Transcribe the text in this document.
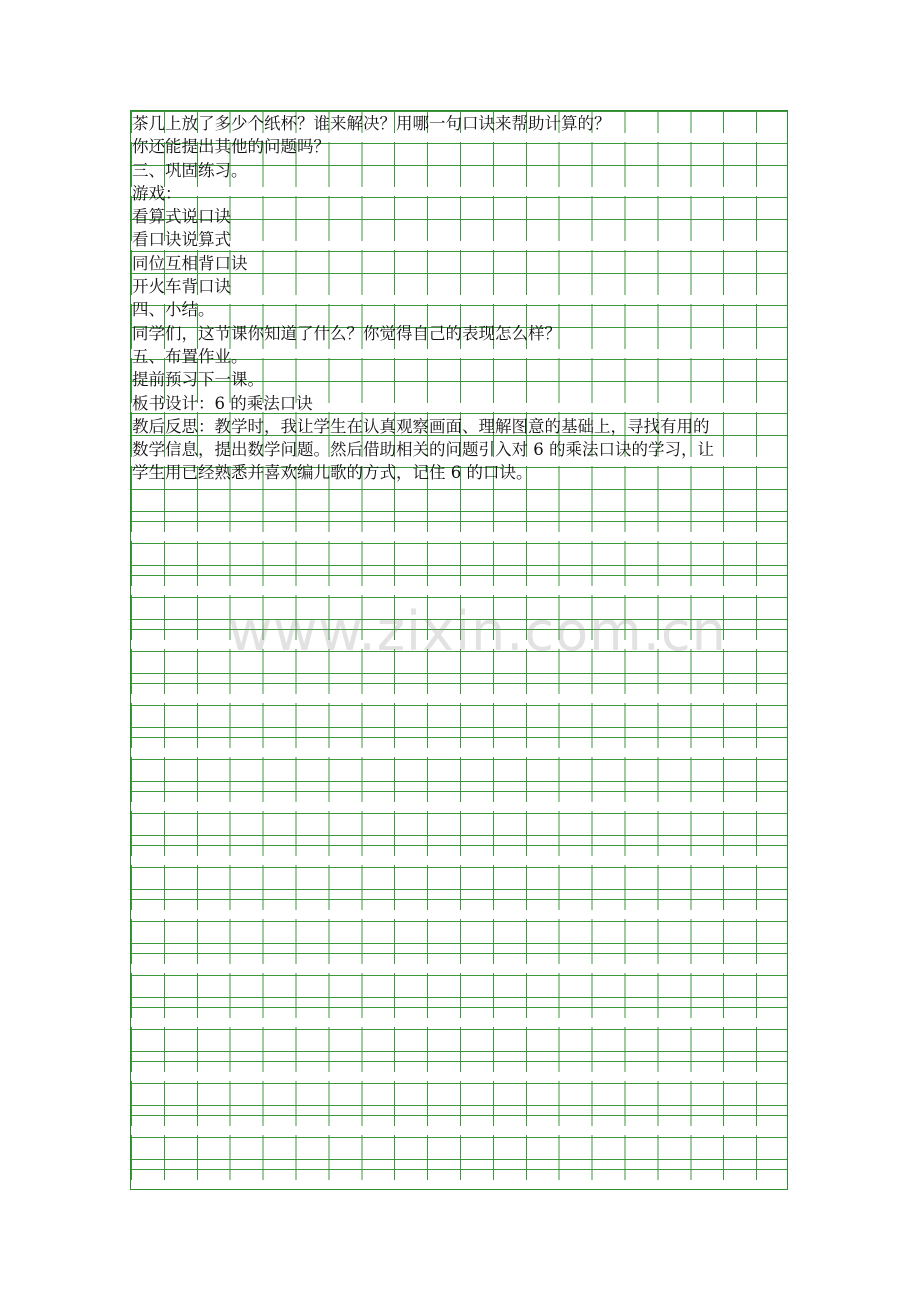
茶几上放了多少个纸杯？谁来解决？用哪一句口诀来帮助计算的？
你还能提出其他的问题吗？
三、巩固练习。
游戏：
看算式说口诀
看口诀说算式
同位互相背口诀
开火车背口诀
四、小结。
同学们，这节课你知道了什么？你觉得自己的表现怎么样？
五、布置作业。
提前预习下一课。
板书设计：6 的乘法口诀
教后反思：教学时，我让学生在认真观察画面、理解图意的基础上，寻找有用的
数学信息，提出数学问题。然后借助相关的问题引入对 6 的乘法口诀的学习，让
学生用已经熟悉并喜欢编儿歌的方式，记住 6 的口诀。
www.zixin.com.cn
